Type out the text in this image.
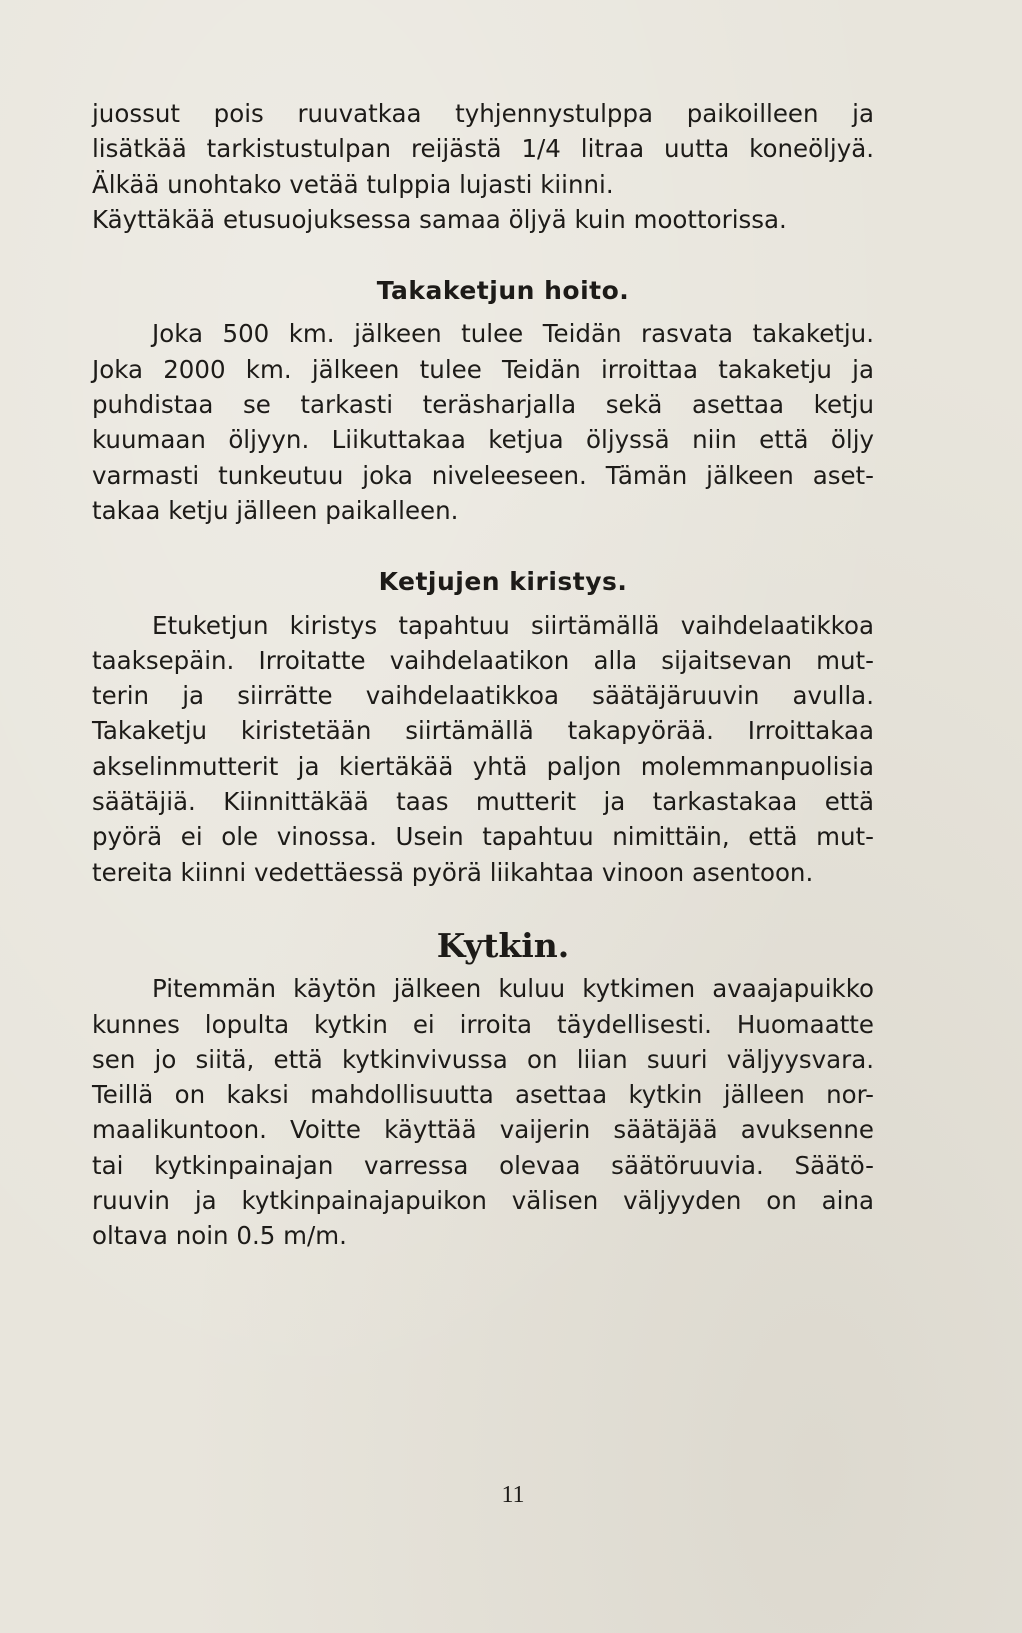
juossut pois ruuvatkaa tyhjennystulppa paikoilleen ja
lisätkää tarkistustulpan reijästä 1/4 litraa uutta koneöljyä.
Älkää unohtako vetää tulppia lujasti kiinni.

Käyttäkää etusuojuksessa samaa öljyä kuin moottorissa.

Takaketjun hoito.

Joka 500 km. jälkeen tulee Teidän rasvata takaketju.
Joka 2000 km. jälkeen tulee Teidän irroittaa takaketju ja
puhdistaa se tarkasti teräsharjalla sekä asettaa ketju
kuumaan öljyyn. Liikuttakaa ketjua öljyssä niin että öljy
varmasti tunkeutuu joka niveleeseen. Tämän jälkeen aset-
takaa ketju jälleen paikalleen.

Ketjujen kiristys.

Etuketjun kiristys tapahtuu siirtämällä vaihdelaatikkoa
taaksepäin. Irroitatte vaihdelaatikon alla sijaitsevan mut-
terin ja siirrätte vaihdelaatikkoa säätäjäruuvin avulla.
Takaketju kiristetään siirtämällä takapyörää. Irroittakaa
akselinmutterit ja kiertäkää yhtä paljon molemmanpuolisia
säätäjiä. Kiinnittäkää taas mutterit ja tarkastakaa että
pyörä ei ole vinossa. Usein tapahtuu nimittäin, että mut-
tereita kiinni vedettäessä pyörä liikahtaa vinoon asentoon.

Kytkin.

Pitemmän käytön jälkeen kuluu kytkimen avaajapuikko
kunnes lopulta kytkin ei irroita täydellisesti. Huomaatte
sen jo siitä, että kytkinvivussa on liian suuri väljyysvara.
Teillä on kaksi mahdollisuutta asettaa kytkin jälleen nor-
maalikuntoon. Voitte käyttää vaijerin säätäjää avuksenne
tai kytkinpainajan varressa olevaa säätöruuvia. Säätö-
ruuvin ja kytkinpainajapuikon välisen väljyyden on aina
oltava noin 0.5 m/m.

11
